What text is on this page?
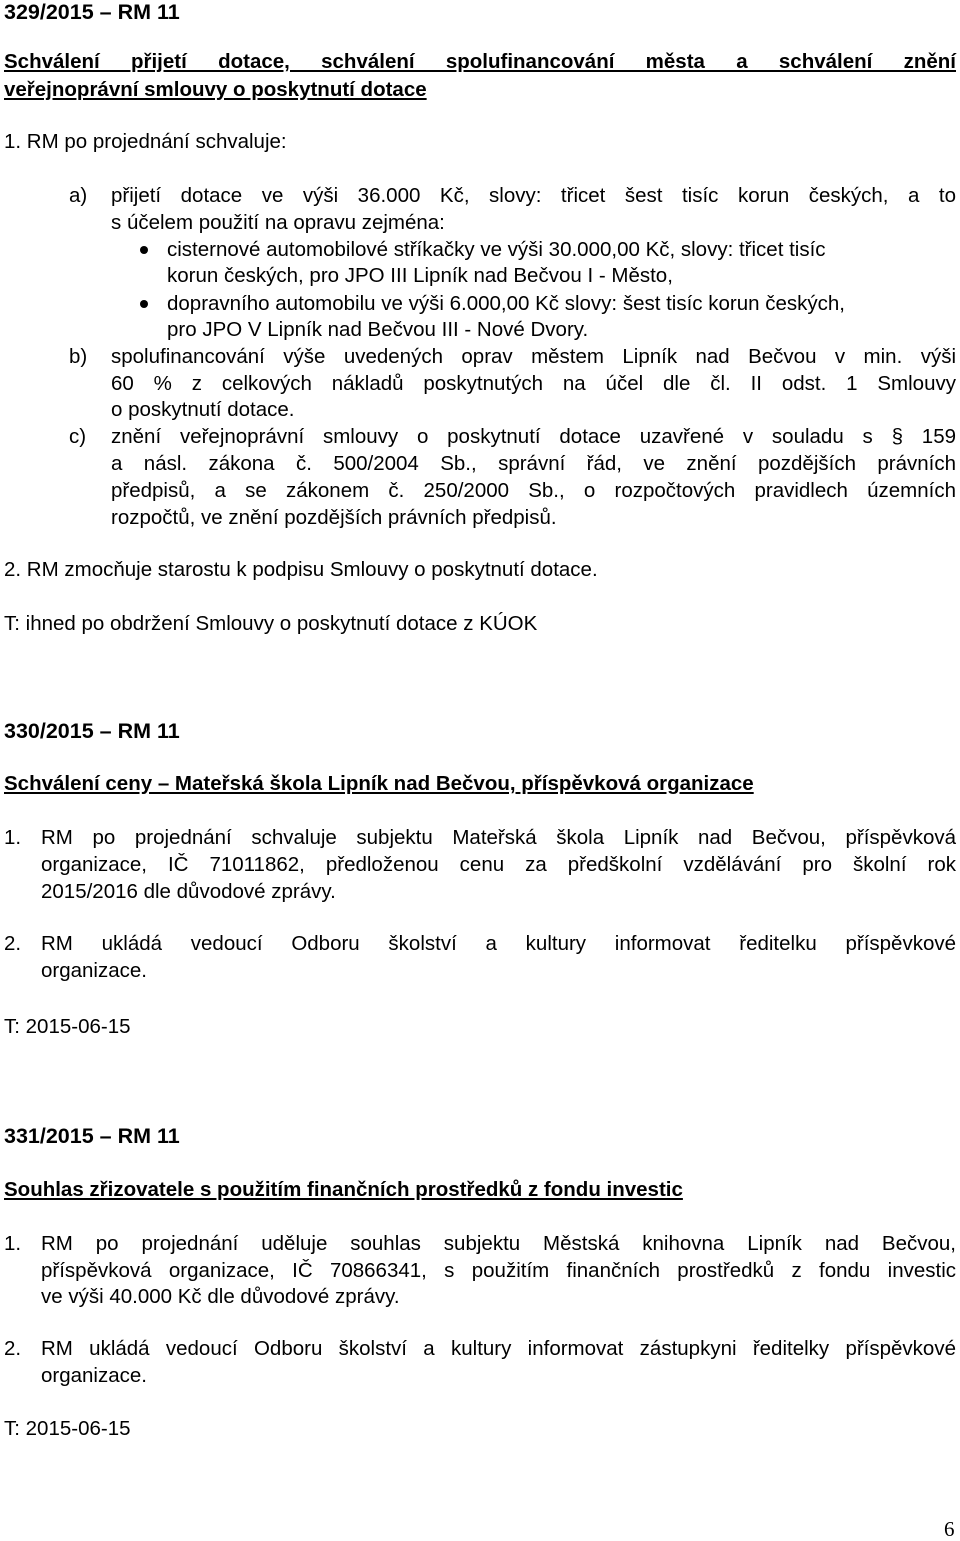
329/2015 – RM 11
Schválení přijetí dotace, schválení spolufinancování města a schválení znění
veřejnoprávní smlouvy o poskytnutí dotace
1. RM po projednání schvaluje:
a) přijetí dotace ve výši 36.000 Kč, slovy: třicet šest tisíc korun českých, a to
s účelem použití na opravu zejména:
cisternové automobilové stříkačky ve výši 30.000,00 Kč, slovy: třicet tisíc
korun českých, pro JPO III Lipník nad Bečvou I - Město,
dopravního automobilu ve výši 6.000,00 Kč slovy: šest tisíc korun českých,
pro JPO V Lipník nad Bečvou III - Nové Dvory.
b) spolufinancování výše uvedených oprav městem Lipník nad Bečvou v min. výši
60 % z celkových nákladů poskytnutých na účel dle čl. II odst. 1 Smlouvy
o poskytnutí dotace.
c) znění veřejnoprávní smlouvy o poskytnutí dotace uzavřené v souladu s § 159
a násl. zákona č. 500/2004 Sb., správní řád, ve znění pozdějších právních
předpisů, a se zákonem č. 250/2000 Sb., o rozpočtových pravidlech územních
rozpočtů, ve znění pozdějších právních předpisů.
2. RM zmocňuje starostu k podpisu Smlouvy o poskytnutí dotace.
T: ihned po obdržení Smlouvy o poskytnutí dotace z KÚOK
330/2015 – RM 11
Schválení ceny – Mateřská škola Lipník nad Bečvou, příspěvková organizace
1. RM po projednání schvaluje subjektu Mateřská škola Lipník nad Bečvou, příspěvková
organizace, IČ 71011862, předloženou cenu za předškolní vzdělávání pro školní rok
2015/2016 dle důvodové zprávy.
2. RM ukládá vedoucí Odboru školství a kultury informovat ředitelku příspěvkové
organizace.
T: 2015-06-15
331/2015 – RM 11
Souhlas zřizovatele s použitím finančních prostředků z fondu investic
1. RM po projednání uděluje souhlas subjektu Městská knihovna Lipník nad Bečvou,
příspěvková organizace, IČ 70866341, s použitím finančních prostředků z fondu investic
ve výši 40.000 Kč dle důvodové zprávy.
2. RM ukládá vedoucí Odboru školství a kultury informovat zástupkyni ředitelky příspěvkové
organizace.
T: 2015-06-15
6
